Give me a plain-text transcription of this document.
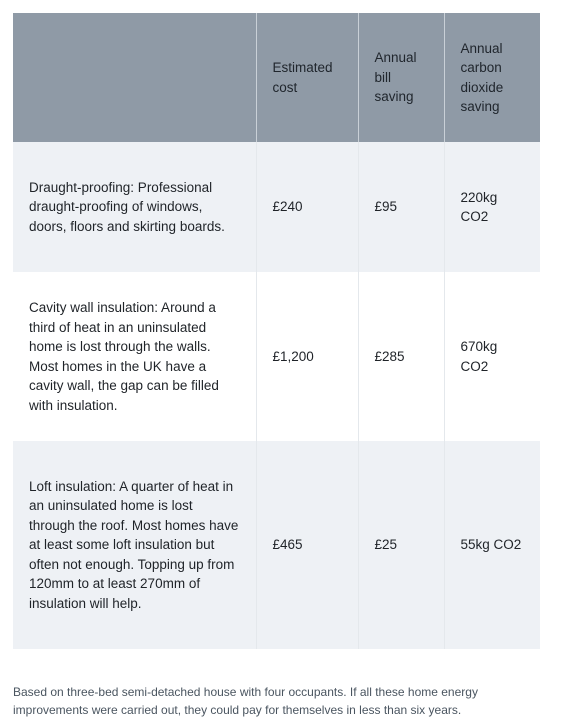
	Estimated cost	Annual bill saving	Annual carbon dioxide saving
Draught-proofing: Professional draught-proofing of windows, doors, floors and skirting boards.	£240	£95	220kg CO2
Cavity wall insulation: Around a third of heat in an uninsulated home is lost through the walls. Most homes in the UK have a cavity wall, the gap can be filled with insulation.	£1,200	£285	670kg CO2
Loft insulation: A quarter of heat in an uninsulated home is lost through the roof. Most homes have at least some loft insulation but often not enough. Topping up from 120mm to at least 270mm of insulation will help.	£465	£25	55kg CO2

Based on three-bed semi-detached house with four occupants. If all these home energy improvements were carried out, they could pay for themselves in less than six years.
